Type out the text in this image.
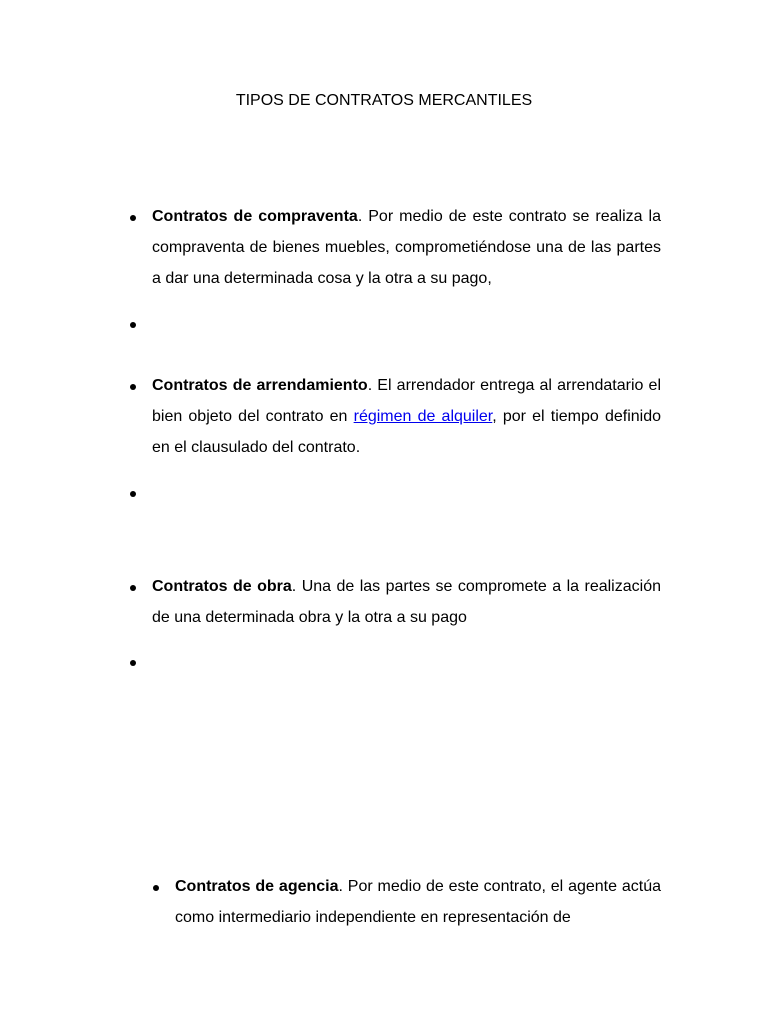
TIPOS DE CONTRATOS MERCANTILES
Contratos de compraventa. Por medio de este contrato se realiza la compraventa de bienes muebles, comprometiéndose una de las partes a dar una determinada cosa y la otra a su pago,
Contratos de arrendamiento. El arrendador entrega al arrendatario el bien objeto del contrato en régimen de alquiler, por el tiempo definido en el clausulado del contrato.
Contratos de obra. Una de las partes se compromete a la realización de una determinada obra y la otra a su pago
Contratos de agencia. Por medio de este contrato, el agente actúa como intermediario independiente en representación de
